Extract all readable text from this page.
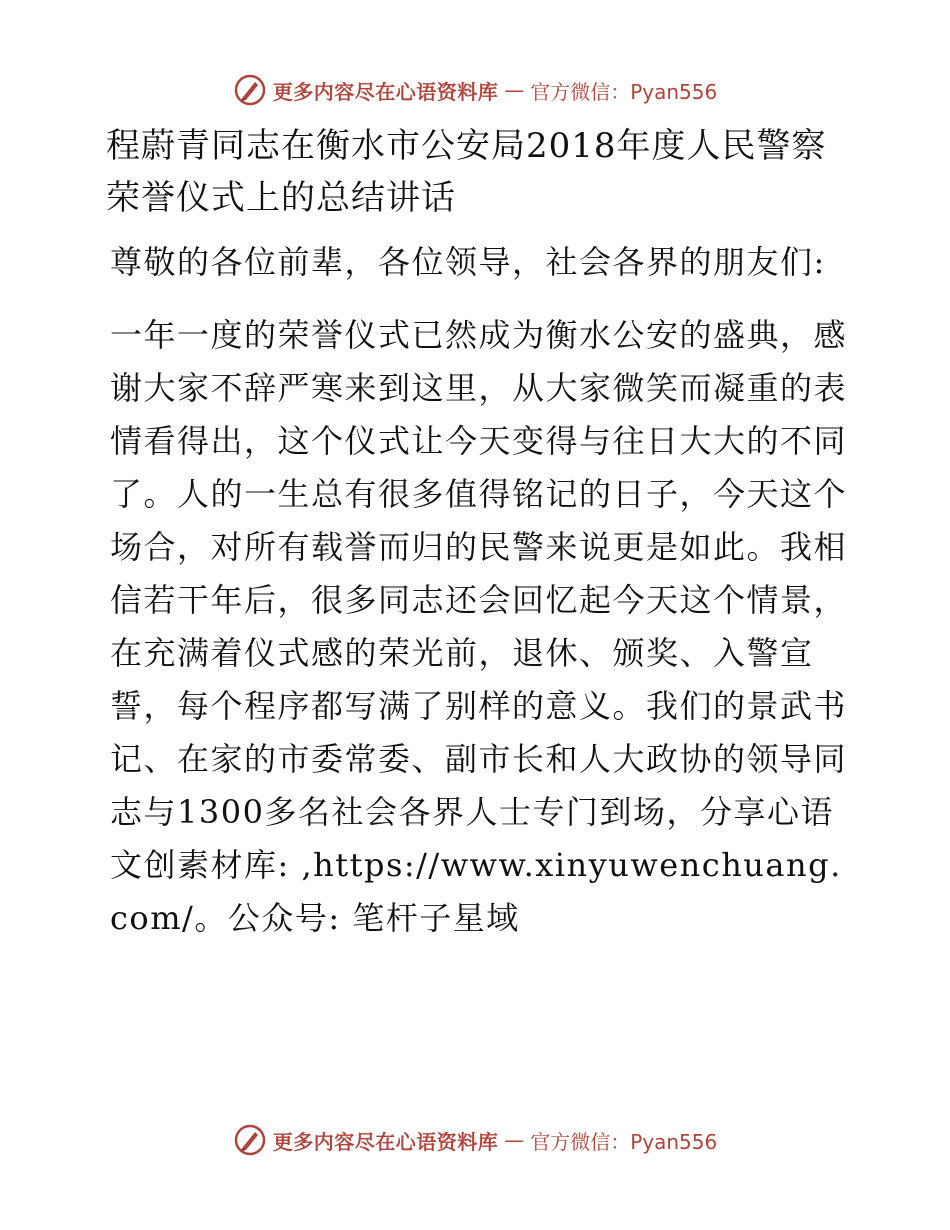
更多内容尽在心语资料库 — 官方微信：Pyan556
程蔚青同志在衡水市公安局2018年度人民警察荣誉仪式上的总结讲话

尊敬的各位前辈，各位领导，社会各界的朋友们:

一年一度的荣誉仪式已然成为衡水公安的盛典，感谢大家不辞严寒来到这里，从大家微笑而凝重的表情看得出，这个仪式让今天变得与往日大大的不同了。人的一生总有很多值得铭记的日子，今天这个场合，对所有载誉而归的民警来说更是如此。我相信若干年后，很多同志还会回忆起今天这个情景，在充满着仪式感的荣光前，退休、颁奖、入警宣誓，每个程序都写满了别样的意义。我们的景武书记、在家的市委常委、副市长和人大政协的领导同志与1300多名社会各界人士专门到场，分享心语文创素材库: ,https://www.xinyuwenchuang.com/。公众号: 笔杆子星域

更多内容尽在心语资料库 — 官方微信：Pyan556
